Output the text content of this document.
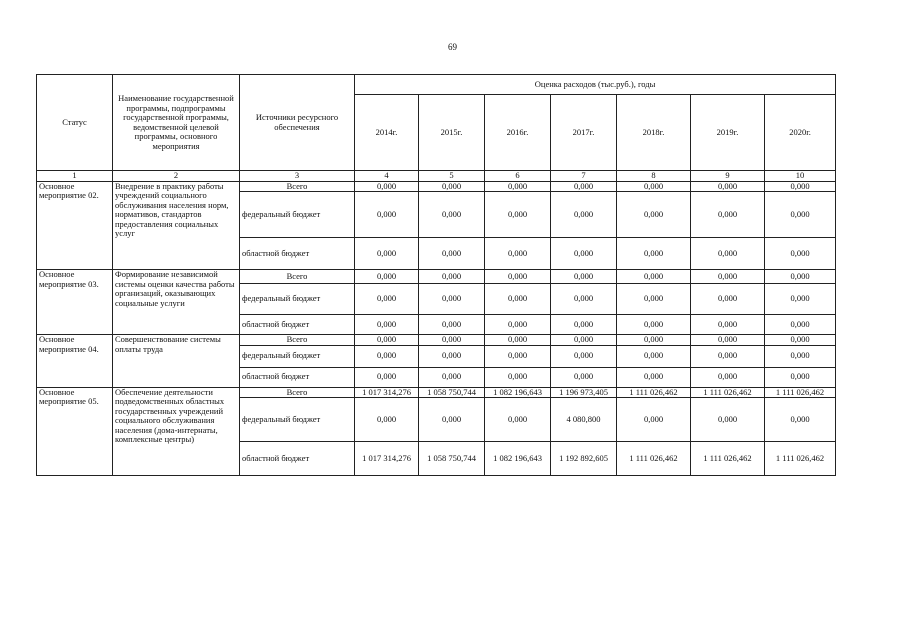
69
Статус	Наименование государственной программы, подпрограммы государственной программы, ведомственной целевой программы, основного мероприятия	Источники ресурсного обеспечения	Оценка расходов (тыс.руб.), годы						
			2014г.	2015г.	2016г.	2017г.	2018г.	2019г.	2020г.
1	2	3	4	5	6	7	8	9	10
Основное мероприятие 02.	Внедрение в практику работы учреждений социального обслуживания населения норм, нормативов, стандартов предоставления социальных услуг	Всего	0,000	0,000	0,000	0,000	0,000	0,000	0,000
		федеральный бюджет	0,000	0,000	0,000	0,000	0,000	0,000	0,000
		областной бюджет	0,000	0,000	0,000	0,000	0,000	0,000	0,000
Основное мероприятие 03.	Формирование независимой системы оценки качества работы организаций, оказывающих социальные услуги	Всего	0,000	0,000	0,000	0,000	0,000	0,000	0,000
		федеральный бюджет	0,000	0,000	0,000	0,000	0,000	0,000	0,000
		областной бюджет	0,000	0,000	0,000	0,000	0,000	0,000	0,000
Основное мероприятие 04.	Совершенствование системы оплаты труда	Всего	0,000	0,000	0,000	0,000	0,000	0,000	0,000
		федеральный бюджет	0,000	0,000	0,000	0,000	0,000	0,000	0,000
		областной бюджет	0,000	0,000	0,000	0,000	0,000	0,000	0,000
Основное мероприятие 05.	Обеспечение деятельности подведомственных областных государственных учреждений социального обслуживания населения (дома-интернаты, комплексные центры)	Всего	1 017 314,276	1 058 750,744	1 082 196,643	1 196 973,405	1 111 026,462	1 111 026,462	1 111 026,462
		федеральный бюджет	0,000	0,000	0,000	4 080,800	0,000	0,000	0,000
		областной бюджет	1 017 314,276	1 058 750,744	1 082 196,643	1 192 892,605	1 111 026,462	1 111 026,462	1 111 026,462
